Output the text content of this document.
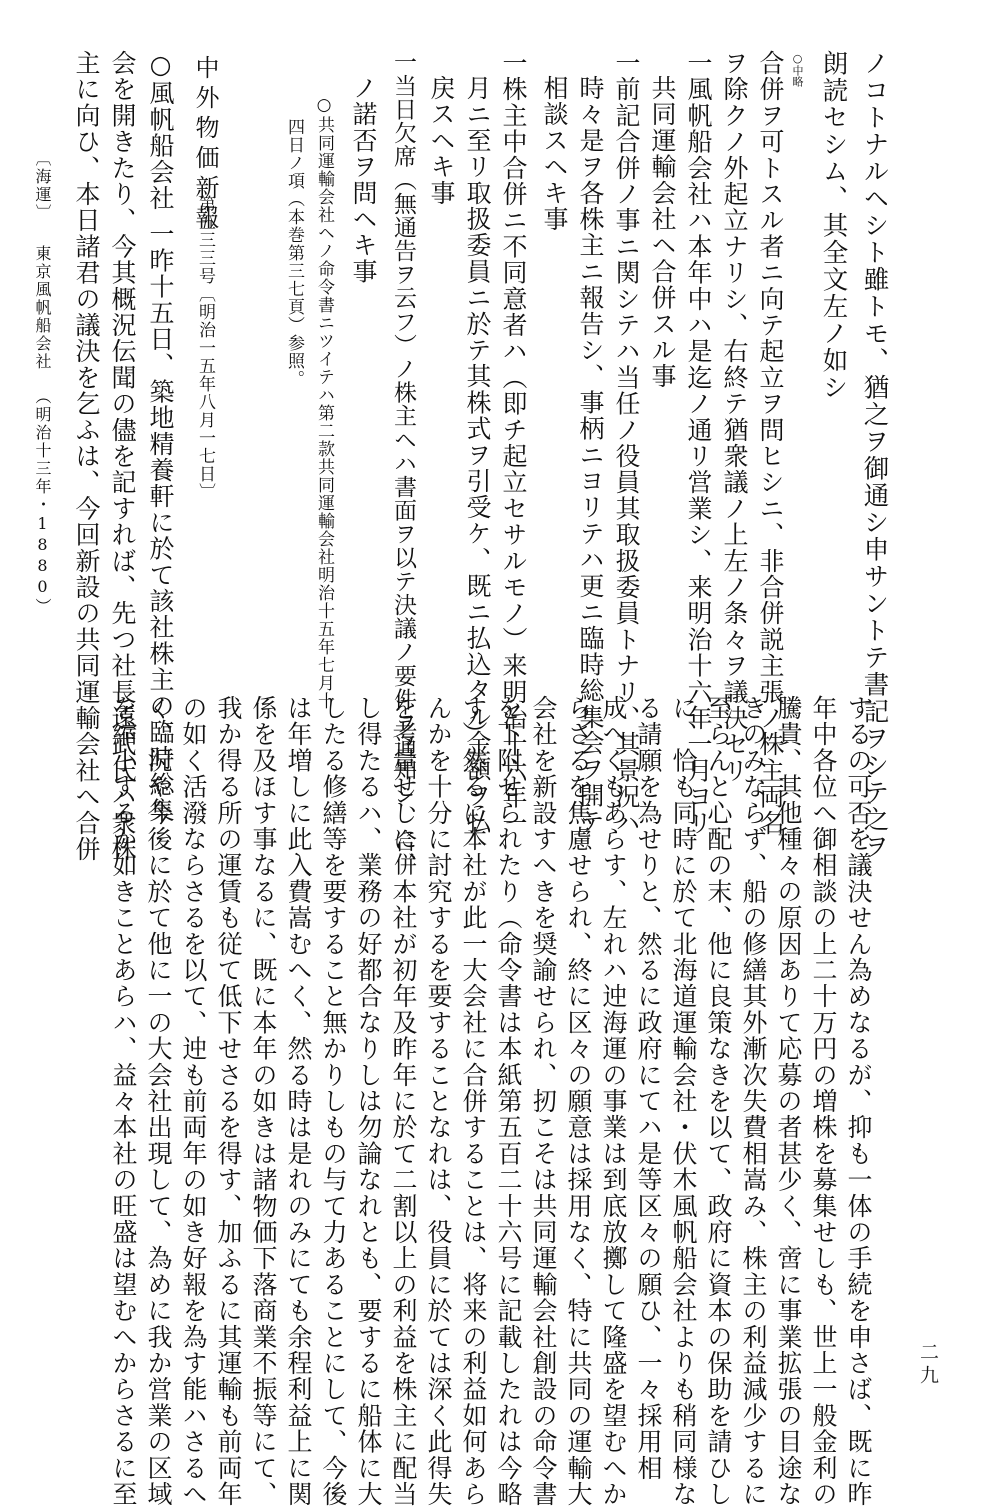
ノコトナルヘシト雖トモ、猶之ヲ御通シ申サントテ書記ヲシテ之ヲ
朗読セシム、其全文左ノ如シ
○中略
合併ヲ可トスル者ニ向テ起立ヲ問ヒシニ、非合併説主張ノ株主両名
ヲ除クノ外起立ナリシ、右終テ猶衆議ノ上左ノ条々ヲ議決セリ
一風帆船会社ハ本年中ハ是迄ノ通リ営業シ、来明治十六年一月ヨリ
共同運輸会社ヘ合併スル事
一前記合併ノ事ニ関シテハ当任ノ役員其取扱委員トナリ、其景況ハ
時々是ヲ各株主ニ報告シ、事柄ニヨリテハ更ニ臨時総集会ヲ開テ
相談スヘキ事
一株主中合併ニ不同意者ハ（即チ起立セサルモノ）来明治十六年一
月ニ至リ取扱委員ニ於テ其株式ヲ引受ケ、既ニ払込タル金額ヲ払
戻スヘキ事
一当日欠席（無通告ヲ云フ）ノ株主ヘハ書面ヲ以テ決議ノ要件ヲ通知シ、合併
ノ諾否ヲ問ヘキ事
○共同運輸会社ヘノ命令書ニツイテハ第二款共同運輸会社明治十五年七月十
四日ノ項（本巻第三七頁）参照。
中外物価新報
第五三三号〔明治一五年八月一七日〕
○風帆船会社
　一昨十五日、築地精養軒に於て該社株主の臨時総集
会を開きたり、今其概況伝聞の儘を記すれば、先つ社長遠武氏ハ衆株
主に向ひ、本日諸君の議決を乞ふは、今回新設の共同運輸会社へ合併
するの可否を議決せん為めなるが、抑も一体の手続を申さば、既に昨
年中各位へ御相談の上二十万円の増株を募集せしも、世上一般金利の
騰貴、其他種々の原因ありて応募の者甚少く、啻に事業拡張の目途な
きのみならず、船の修繕其外漸次失費相嵩み、株主の利益減少するに
至らんと心配の末、他に良策なきを以て、政府に資本の保助を請ひし
に、恰も同時に於て北海道運輸会社・伏木風帆船会社よりも稍同様な
る請願を為せりと、然るに政府にてハ是等区々の願ひ、一々採用相
成へくもあらす、左れハ迚海運の事業は到底放擲して隆盛を望むへか
らさるを焦慮せられ、終に区々の願意は採用なく、特に共同の運輸大
会社を新設すへきを奨諭せられ、扨こそは共同運輸会社創設の命令書
を下附せられたり（命令書は本紙第五百二十六号に記載したれは今略
す）然るに本社が此一大会社に合併することは、将来の利益如何あら
んかを十分に討究するを要することなれは、役員に於ては深く此得失
を考量せしに、本社が初年及昨年に於て二割以上の利益を株主に配当
し得たるハ、業務の好都合なりしは勿論なれとも、要するに船体に大
したる修繕等を要すること無かりしもの与て力あることにして、今後
は年増しに此入費嵩むへく、然る時は是れのみにても余程利益上に関
係を及ほす事なるに、既に本年の如きは諸物価下落商業不振等にて、
我か得る所の運賃も従て低下せさるを得す、加ふるに其運輸も前両年
の如く活潑ならさるを以て、迚も前両年の如き好報を為す能ハさるへ
く、況や今後に於て他に一の大会社出現して、為めに我か営業の区域
を縮小するか如きことあらハ、益々本社の旺盛は望むへからさるに至
〔海運〕
東京風帆船会社
（明治十三年・1880）
二九
